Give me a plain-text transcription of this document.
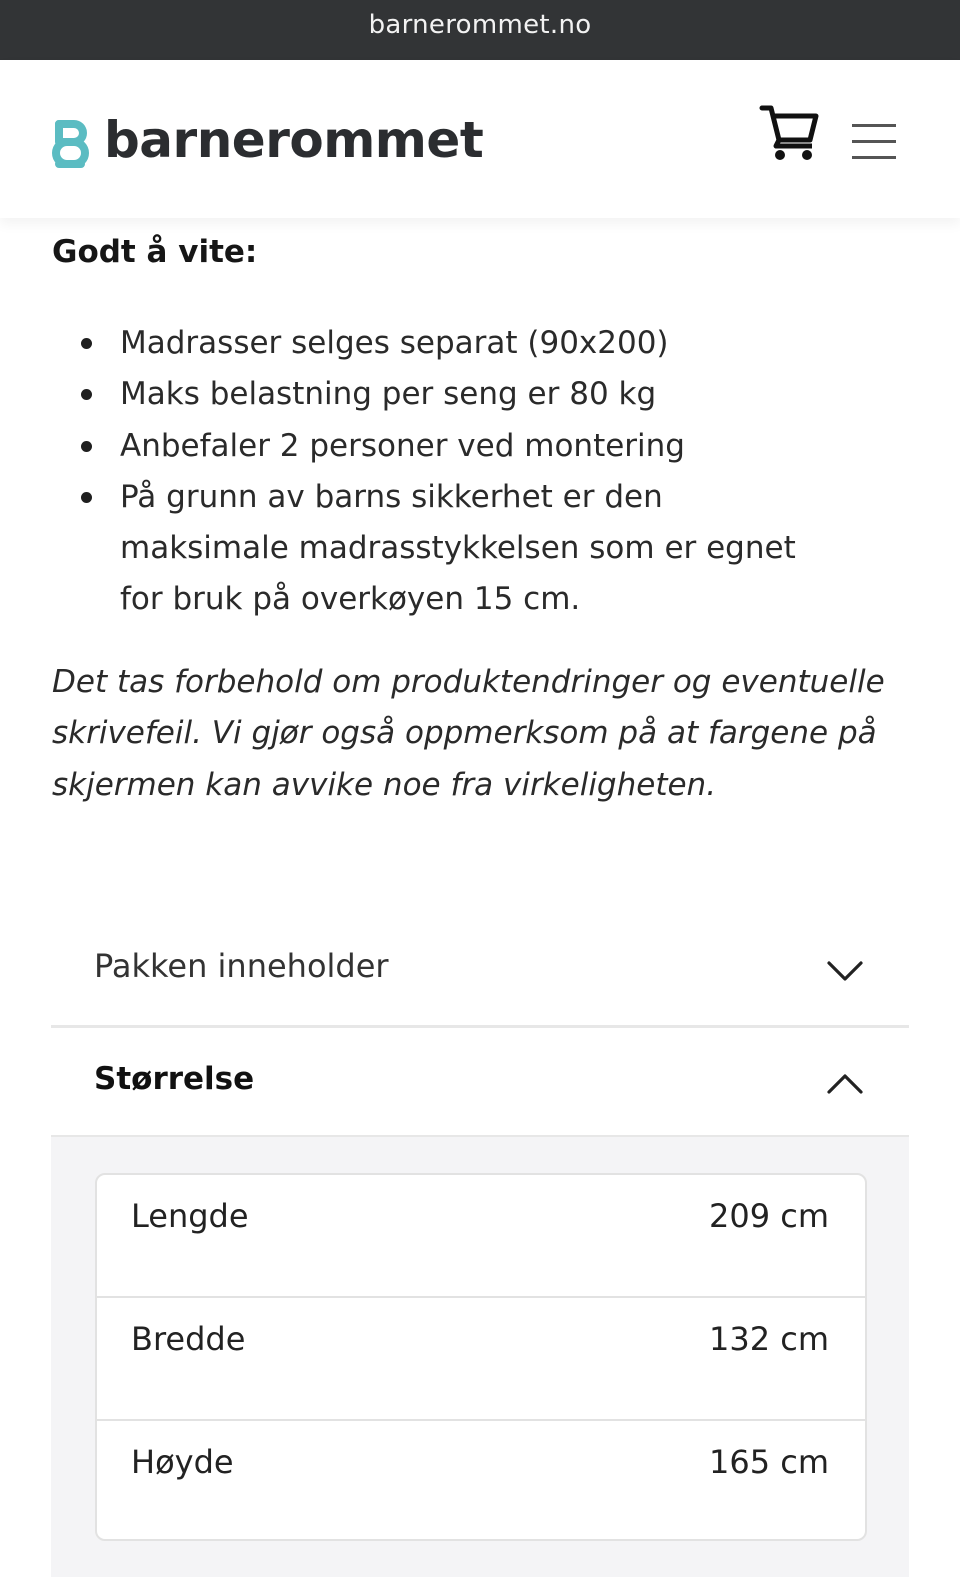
barnerommet.no
barnerommet
Godt å vite:
Madrasser selges separat (90x200)
Maks belastning per seng er 80 kg
Anbefaler 2 personer ved montering
På grunn av barns sikkerhet er den maksimale madrasstykkelsen som er egnet for bruk på overkøyen 15 cm.

Det tas forbehold om produktendringer og eventuelle skrivefeil. Vi gjør også oppmerksom på at fargene på skjermen kan avvike noe fra virkeligheten.

Pakken inneholder
Størrelse
Lengde	209 cm
Bredde	132 cm
Høyde	165 cm
